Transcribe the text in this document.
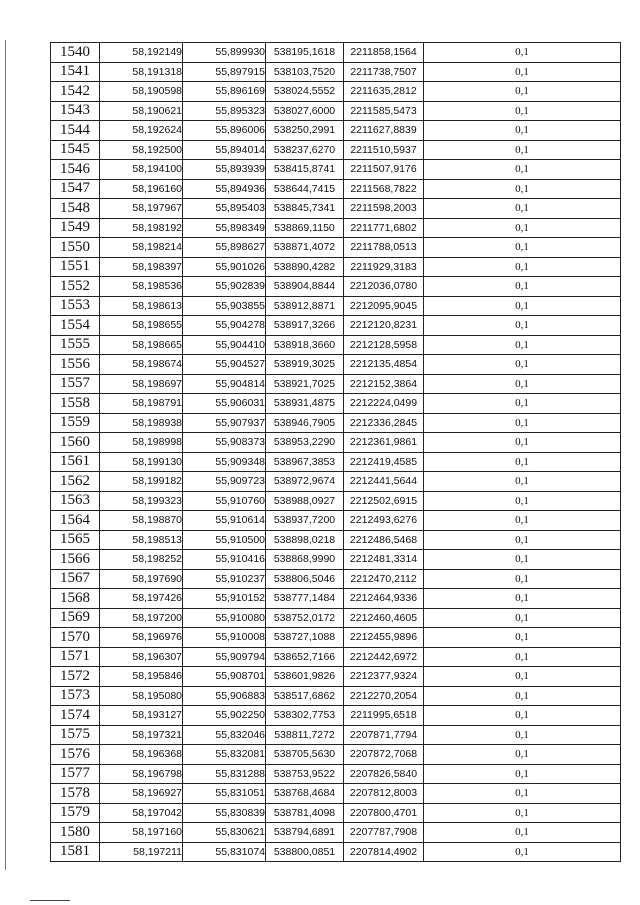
1540	58,192149	55,899930	538195,1618	2211858,1564	0,1
1541	58,191318	55,897915	538103,7520	2211738,7507	0,1
1542	58,190598	55,896169	538024,5552	2211635,2812	0,1
1543	58,190621	55,895323	538027,6000	2211585,5473	0,1
1544	58,192624	55,896006	538250,2991	2211627,8839	0,1
1545	58,192500	55,894014	538237,6270	2211510,5937	0,1
1546	58,194100	55,893939	538415,8741	2211507,9176	0,1
1547	58,196160	55,894936	538644,7415	2211568,7822	0,1
1548	58,197967	55,895403	538845,7341	2211598,2003	0,1
1549	58,198192	55,898349	538869,1150	2211771,6802	0,1
1550	58,198214	55,898627	538871,4072	2211788,0513	0,1
1551	58,198397	55,901026	538890,4282	2211929,3183	0,1
1552	58,198536	55,902839	538904,8844	2212036,0780	0,1
1553	58,198613	55,903855	538912,8871	2212095,9045	0,1
1554	58,198655	55,904278	538917,3266	2212120,8231	0,1
1555	58,198665	55,904410	538918,3660	2212128,5958	0,1
1556	58,198674	55,904527	538919,3025	2212135,4854	0,1
1557	58,198697	55,904814	538921,7025	2212152,3864	0,1
1558	58,198791	55,906031	538931,4875	2212224,0499	0,1
1559	58,198938	55,907937	538946,7905	2212336,2845	0,1
1560	58,198998	55,908373	538953,2290	2212361,9861	0,1
1561	58,199130	55,909348	538967,3853	2212419,4585	0,1
1562	58,199182	55,909723	538972,9674	2212441,5644	0,1
1563	58,199323	55,910760	538988,0927	2212502,6915	0,1
1564	58,198870	55,910614	538937,7200	2212493,6276	0,1
1565	58,198513	55,910500	538898,0218	2212486,5468	0,1
1566	58,198252	55,910416	538868,9990	2212481,3314	0,1
1567	58,197690	55,910237	538806,5046	2212470,2112	0,1
1568	58,197426	55,910152	538777,1484	2212464,9336	0,1
1569	58,197200	55,910080	538752,0172	2212460,4605	0,1
1570	58,196976	55,910008	538727,1088	2212455,9896	0,1
1571	58,196307	55,909794	538652,7166	2212442,6972	0,1
1572	58,195846	55,908701	538601,9826	2212377,9324	0,1
1573	58,195080	55,906883	538517,6862	2212270,2054	0,1
1574	58,193127	55,902250	538302,7753	2211995,6518	0,1
1575	58,197321	55,832046	538811,7272	2207871,7794	0,1
1576	58,196368	55,832081	538705,5630	2207872,7068	0,1
1577	58,196798	55,831288	538753,9522	2207826,5840	0,1
1578	58,196927	55,831051	538768,4684	2207812,8003	0,1
1579	58,197042	55,830839	538781,4098	2207800,4701	0,1
1580	58,197160	55,830621	538794,6891	2207787,7908	0,1
1581	58,197211	55,831074	538800,0851	2207814,4902	0,1
